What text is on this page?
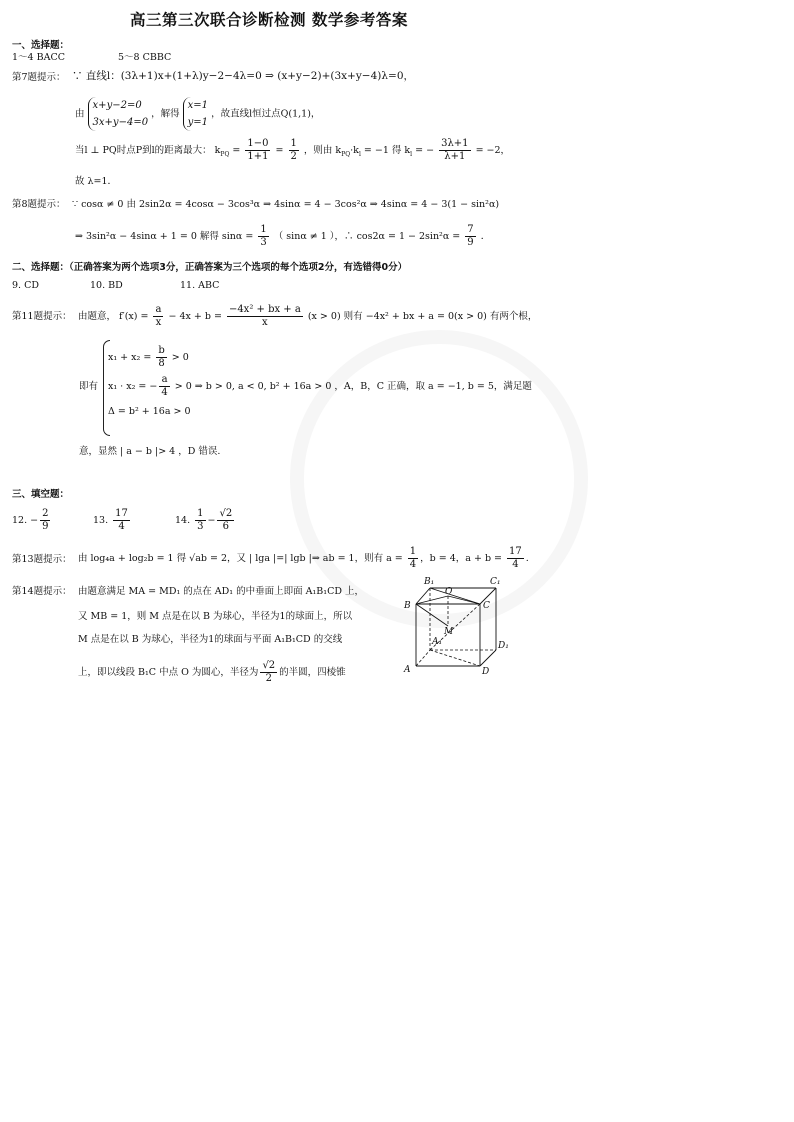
高三第三次联合诊断检测 数学参考答案
一、选择题：
1～4 BACC	5～8 CBBC
第7题提示： ∵ 直线l：(3λ+1)x+(1+λ)y−2−4λ=0 ⇒ (x+y−2)+(3x+y−4)λ=0，
由
x+y−2=0
3x+y−4=0
，解得
x=1
y=1
，故直线l恒过点Q(1,1)，
当l ⊥ PQ时点P到l的距离最大： $k_{PQ} = \frac{1-0}{1+1} = \frac{1}{2}$ ，则由 $k_{PQ}\cdot k_l = -1$ 得 $k_l$ = − $\frac{3\lambda+1}{\lambda+1} = -2$，
故 λ=1．
第8题提示： ∵ cosα ≠ 0 由 2sin2α = 4cosα − 3cos³α ⇒ 4sinα = 4 − 3cos²α ⇒ 4sinα = 4 − 3(1 − sin²α)
⇒ 3sin²α − 4sinα + 1 = 0 解得 $\sin\alpha = \frac{1}{3}$ （ sinα ≠ 1 ），∴ $\cos 2\alpha = 1 - 2\sin^2\alpha = \frac{7}{9}$ ．
二、选择题：（正确答案为两个选项3分，正确答案为三个选项的每个选项2分，有选错得0分）
9. CD	10. BD	11. ABC
第11题提示： 由题意， $f'(x) = \frac{a}{x} - 4x + b = \frac{\text{−4x² + bx + a}}{x} (x > 0)$ 则有 −4x² + bx + a = 0(x > 0) 有两个根，
$x_1 + x_2 = \frac{b}{8} > 0$
即有 x₁ · x₂ = − $\frac{a}{4} > 0$ ⇒ b > 0, a < 0, b² + 16a > 0 ，A，B，C 正确，取 a = −1, b = 5，满足题
Δ = b² + 16a > 0
意，显然 | a − b |> 4 ，D 错误.
三、填空题：
12. − $\frac{2}{9}$	13. $\frac{17}{4}$	14. $\frac{1}{3} - \frac{√2}{6}$
第13题提示： 由 log₄a + log₂b = 1 得 √ab = 2，又 | lga |=| lgb |⇒ ab = 1，则有 $a = \frac{1}{4}$ ，b = 4，$a + b = \frac{17}{4}$ .
第14题提示： 由题意满足 MA = MD₁ 的点在 AD₁ 的中垂面上即面 A₁B₁CD 上，
又 MB = 1，则 M 点是在以 B 为球心，半径为1的球面上，所以
M 点是在以 B 为球心，半径为1的球面与平面 A₁B₁CD 的交线
上，即以线段 B₁C 中点 O 为圆心，半径为 $\frac{√2}{2}$ 的半圆，四棱锥
B₁	C₁
O
B	C
M
A₁	D₁
A	D
